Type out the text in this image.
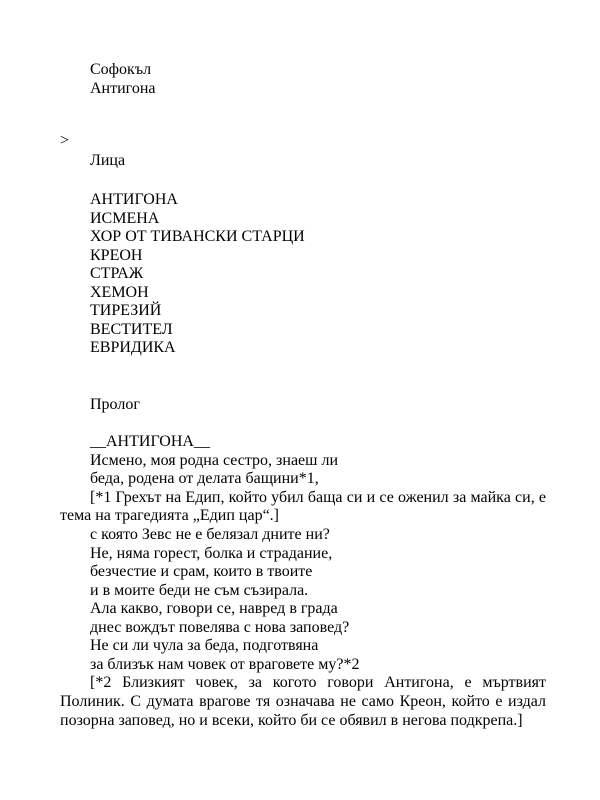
Софокъл
Антигона
>
Лица
АНТИГОНА
ИСМЕНА
ХОР ОТ ТИВАНСКИ СТАРЦИ
КРЕОН
СТРАЖ
ХЕМОН
ТИРЕЗИЙ
ВЕСТИТЕЛ
ЕВРИДИКА
Пролог
__АНТИГОНА__
Исмено, моя родна сестро, знаеш ли
беда, родена от делата бащини*1,
[*1 Грехът на Едип, който убил баща си и се оженил за майка си, е
тема на трагедията „Едип цар“.]
с която Зевс не е белязал дните ни?
Не, няма горест, болка и страдание,
безчестие и срам, които в твоите
и в моите беди не съм съзирала.
Ала какво, говори се, навред в града
днес вождът повелява с нова заповед?
Не си ли чула за беда, подготвяна
за близък нам човек от враговете му?*2
[*2 Близкият човек, за когото говори Антигона, е мъртвият
Полиник. С думата врагове тя означава не само Креон, който е издал
позорна заповед, но и всеки, който би се обявил в негова подкрепа.]
